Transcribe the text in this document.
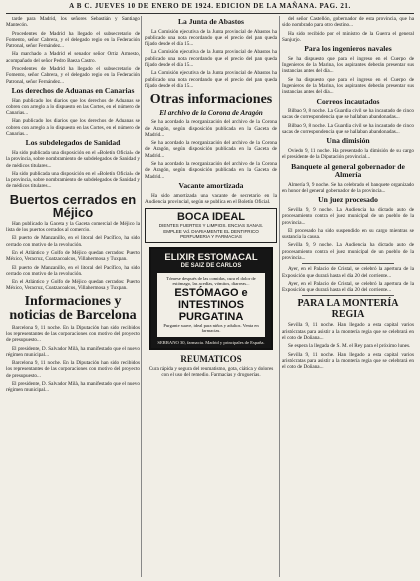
A B C. JUEVES 10 DE ENERO DE 1924. EDICION DE LA MAÑANA. PAG. 21.

tarde para Madrid, los señores Sebastián y Santiago Mantecón.

Procedentes de Madrid ha llegado el subsecretario de Fomento, señor Cabrera, y el delegado regio en la Federación Patronal, señor Fernández...

Ha marchado a Madrid el senador señor Ortiz Armesto, acompañado del señor Pedro Baeza Castro.

Procedentes de Madrid ha llegado el subsecretario de Fomento, señor Cabrera, y el delegado regio en la Federación Patronal, señor Fernández...

Los derechos de Aduanas en Canarias

Han publicado los diarios que los derechos de Aduanas se cobren con arreglo a lo dispuesto en las Cortes, en el número de Canarias...

Han publicado los diarios que los derechos de Aduanas se cobren con arreglo a lo dispuesto en las Cortes, en el número de Canarias...

Los subdelegados de Sanidad

Ha sido publicada una disposición en el «Boletín Oficial» de la provincia, sobre nombramiento de subdelegados de Sanidad y de médicos titulares...

Ha sido publicada una disposición en el «Boletín Oficial» de la provincia, sobre nombramiento de subdelegados de Sanidad y de médicos titulares...

Buertos cerrados en Méjico

Han publicado la Gaceta y la Gaceta comercial de Méjico la lista de los puertos cerrados al comercio.

El puerto de Manzanillo, en el litoral del Pacífico, ha sido cerrado con motivo de la revolución.

En el Atlántico y Golfo de Méjico quedan cerrados: Puerto México, Veracruz, Coatzacoalcos, Villahermosa y Tuxpan.

El puerto de Manzanillo, en el litoral del Pacífico, ha sido cerrado con motivo de la revolución.

En el Atlántico y Golfo de Méjico quedan cerrados: Puerto México, Veracruz, Coatzacoalcos, Villahermosa y Tuxpan.

Informaciones y noticias de Barcelona

Barcelona 9, 11 noche. En la Diputación han sido recibidos los representantes de las corporaciones con motivo del proyecto de presupuesto...

El presidente, D. Salvador Milà, ha manifestado que el nuevo régimen municipal...

Barcelona 9, 11 noche. En la Diputación han sido recibidos los representantes de las corporaciones con motivo del proyecto de presupuesto...

El presidente, D. Salvador Milà, ha manifestado que el nuevo régimen municipal...

La Junta de Abastos

La Comisión ejecutiva de la Junta provincial de Abastos ha publicado una nota recordando que el precio del pan queda fijado desde el día 15...

La Comisión ejecutiva de la Junta provincial de Abastos ha publicado una nota recordando que el precio del pan queda fijado desde el día 15...

La Comisión ejecutiva de la Junta provincial de Abastos ha publicado una nota recordando que el precio del pan queda fijado desde el día 15...

Otras informaciones
El archivo de la Corona de Aragón

Se ha acordado la reorganización del archivo de la Corona de Aragón, según disposición publicada en la Gaceta de Madrid...

Se ha acordado la reorganización del archivo de la Corona de Aragón, según disposición publicada en la Gaceta de Madrid...

Se ha acordado la reorganización del archivo de la Corona de Aragón, según disposición publicada en la Gaceta de Madrid...

Vacante amortizada

Ha sido amortizada una vacante de secretario en la Audiencia provincial, según se publica en el Boletín Oficial.

BOCA IDEAL
DIENTES FUERTES Y LIMPIOS. ENCIAS SANAS.
EMPLEE Vd. DIARIAMENTE EL DENTIFRICO
PERFUMERIA Y FARMACIAS
ELIXIR ESTOMACAL
DE SAIZ DE CARLOS
Tómese después de las comidas, cura el dolor de estómago, las acedías, vómitos, diarreas...
ESTÓMAGO e INTESTINOS
PURGATINA
Purgante suave, ideal para niños y adultos. Venta en farmacias.
SERRANO 30, farmacia. Madrid y principales de España.
REUMATICOS

Cura rápida y segura del reumatismo, gota, ciática y dolores con el uso del remedio. Farmacias y droguerías.

del señor Castellón, gobernador de esta provincia, que ha sido nombrado para otro destino...

Ha sido recibido por el ministro de la Guerra el general Sanjurjo.

Para los ingenieros navales

Se ha dispuesto que para el ingreso en el Cuerpo de Ingenieros de la Marina, los aspirantes deberán presentar sus instancias antes del día...

Se ha dispuesto que para el ingreso en el Cuerpo de Ingenieros de la Marina, los aspirantes deberán presentar sus instancias antes del día...

Correos incautados

Bilbao 9, 8 noche. La Guardia civil se ha incautado de cinco sacas de correspondencia que se hallaban abandonadas...

Bilbao 9, 8 noche. La Guardia civil se ha incautado de cinco sacas de correspondencia que se hallaban abandonadas...

Una dimisión

Oviedo 9, 11 noche. Ha presentado la dimisión de su cargo el presidente de la Diputación provincial...

Banquete al general gobernador de Almería

Almería 9, 9 noche. Se ha celebrado el banquete organizado en honor del general gobernador de la provincia...

Un juez procesado

Sevilla 9, 9 noche. La Audiencia ha dictado auto de procesamiento contra el juez municipal de un pueblo de la provincia...

El procesado ha sido suspendido en su cargo mientras se sustancia la causa.

Sevilla 9, 9 noche. La Audiencia ha dictado auto de procesamiento contra el juez municipal de un pueblo de la provincia...

Ayer, en el Palacio de Cristal, se celebró la apertura de la Exposición que durará hasta el día 20 del corriente...

Ayer, en el Palacio de Cristal, se celebró la apertura de la Exposición que durará hasta el día 20 del corriente...

PARA LA MONTERÍA REGIA

Sevilla 9, 11 noche. Han llegado a esta capital varios aristócratas para asistir a la montería regia que se celebrará en el coto de Doñana...

Se espera la llegada de S. M. el Rey para el próximo lunes.

Sevilla 9, 11 noche. Han llegado a esta capital varios aristócratas para asistir a la montería regia que se celebrará en el coto de Doñana...
